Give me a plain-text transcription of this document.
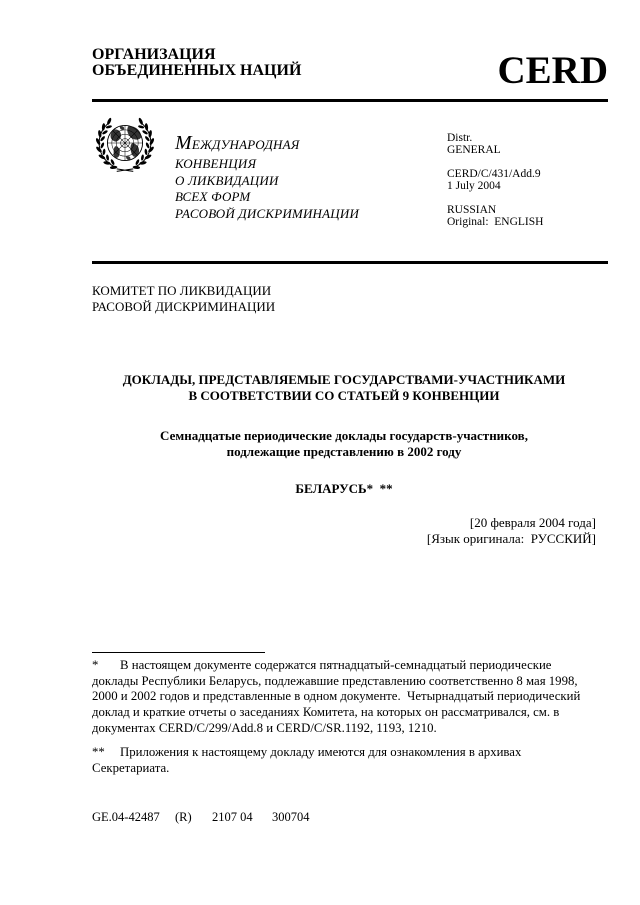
ОРГАНИЗАЦИЯ
ОБЪЕДИНЕННЫХ НАЦИЙ	CERD
МЕЖДУНАРОДНАЯ
КОНВЕНЦИЯ
О ЛИКВИДАЦИИ
ВСЕХ ФОРМ
РАСОВОЙ ДИСКРИМИНАЦИИ
Distr.
GENERAL
CERD/C/431/Add.9
1 July 2004
RUSSIAN
Original:  ENGLISH
КОМИТЕТ ПО ЛИКВИДАЦИИ
РАСОВОЙ ДИСКРИМИНАЦИИ
ДОКЛАДЫ, ПРЕДСТАВЛЯЕМЫЕ ГОСУДАРСТВАМИ-УЧАСТНИКАМИ
В СООТВЕТСТВИИ СО СТАТЬЕЙ 9 КОНВЕНЦИИ
Семнадцатые периодические доклады государств-участников,
подлежащие представлению в 2002 году
БЕЛАРУСЬ*  **
[20 февраля 2004 года]
[Язык оригинала:  РУССКИЙ]
* В настоящем документе содержатся пятнадцатый-семнадцатый периодические
доклады Республики Беларусь, подлежавшие представлению соответственно 8 мая 1998,
2000 и 2002 годов и представленные в одном документе.  Четырнадцатый периодический
доклад и краткие отчеты о заседаниях Комитета, на которых он рассматривался, см. в
документах CERD/C/299/Add.8 и CERD/C/SR.1192, 1193, 1210.
** Приложения к настоящему докладу имеются для ознакомления в архивах
Секретариата.
GE.04-42487 (R) 2107 04 300704
